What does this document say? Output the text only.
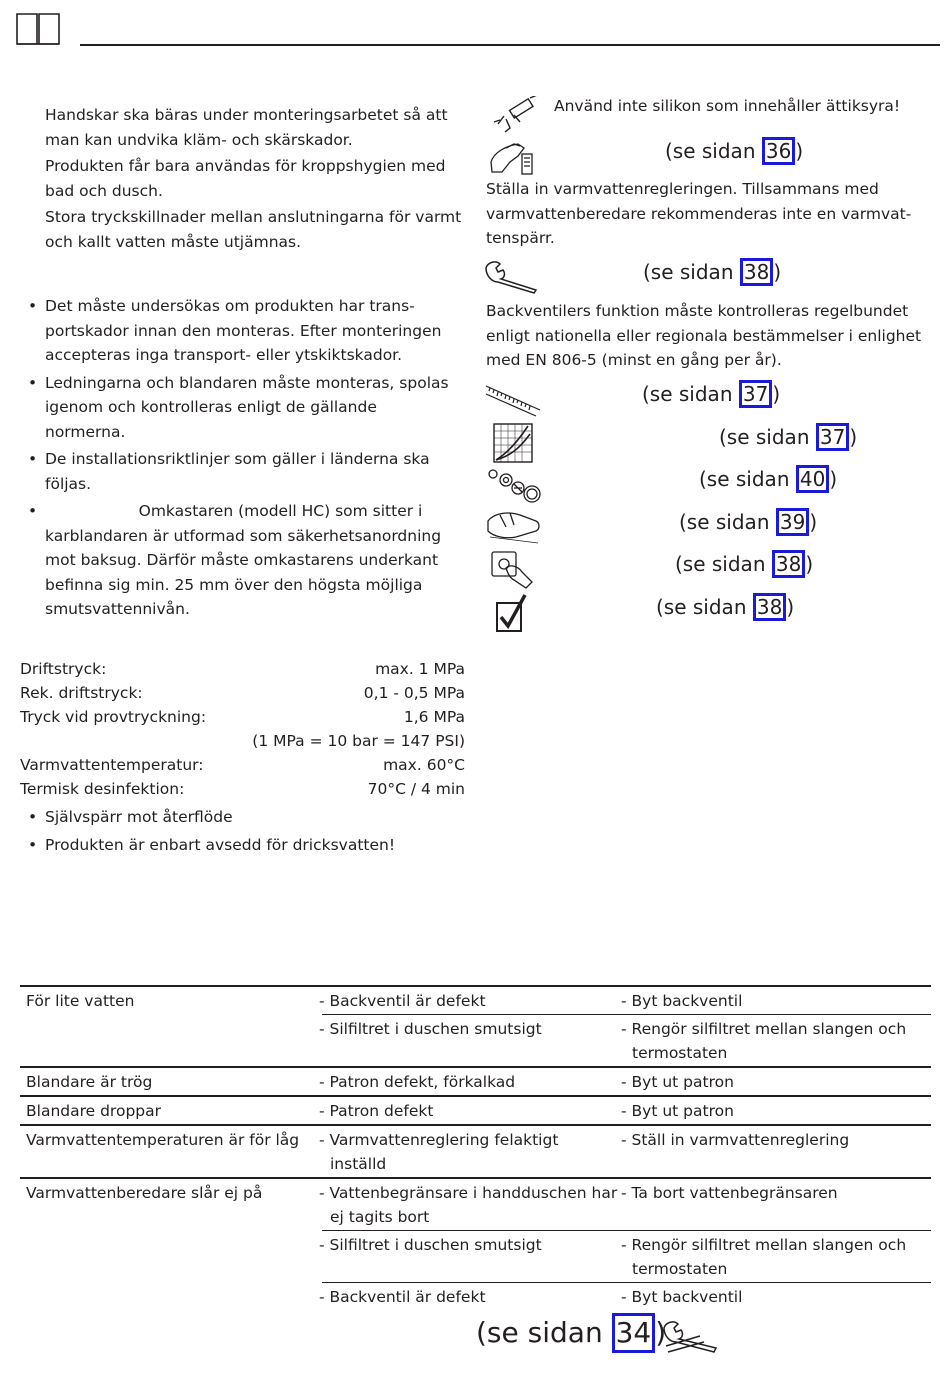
Handskar ska bäras under monteringsarbetet så att
man kan undvika kläm- och skärskador.
Produkten får bara användas för kroppshygien med
bad och dusch.
Stora tryckskillnader mellan anslutningarna för varmt
och kallt vatten måste utjämnas.
• Det måste undersökas om produkten har trans-
portskador innan den monteras. Efter monteringen
accepteras inga transport- eller ytskiktskador.
• Ledningarna och blandaren måste monteras, spolas
igenom och kontrolleras enligt de gällande
normerna.
• De installationsriktlinjer som gäller i länderna ska
följas.
•                    Omkastaren (modell HC) som sitter i
karblandaren är utformad som säkerhetsanordning
mot baksug. Därför måste omkastarens underkant
befinna sig min. 25 mm över den högsta möjliga
smutsvattennivån.
Driftstryck:	max. 1 MPa
Rek. driftstryck:	0,1 - 0,5 MPa
Tryck vid provtryckning:	1,6 MPa
(1 MPa = 10 bar = 147 PSI)
Varmvattentemperatur:	max. 60°C
Termisk desinfektion:	70°C / 4 min
• Självspärr mot återflöde
• Produkten är enbart avsedd för dricksvatten!
Använd inte silikon som innehåller ättiksyra!
(se sidan 36 )
Ställa in varmvattenregleringen. Tillsammans med
varmvattenberedare rekommenderas inte en varmvat-
tenspärr.
(se sidan 38 )
Backventilers funktion måste kontrolleras regelbundet
enligt nationella eller regionala bestämmelser i enlighet
med EN 806-5 (minst en gång per år).
(se sidan 37 )
(se sidan 37 )
(se sidan 40 )
(se sidan 39 )
(se sidan 38 )
(se sidan 38 )
För lite vatten	- Backventil är defekt	- Byt backventil
	- Silfiltret i duschen smutsigt	- Rengör silfiltret mellan slangen och termostaten
Blandare är trög	- Patron defekt, förkalkad	- Byt ut patron
Blandare droppar	- Patron defekt	- Byt ut patron
Varmvattentemperaturen är för låg	- Varmvattenreglering felaktigt inställd	- Ställ in varmvattenreglering
Varmvattenberedare slår ej på	- Vattenbegränsare i handduschen har ej tagits bort	- Ta bort vattenbegränsaren
	- Silfiltret i duschen smutsigt	- Rengör silfiltret mellan slangen och termostaten
	- Backventil är defekt	- Byt backventil
(se sidan 34 )
